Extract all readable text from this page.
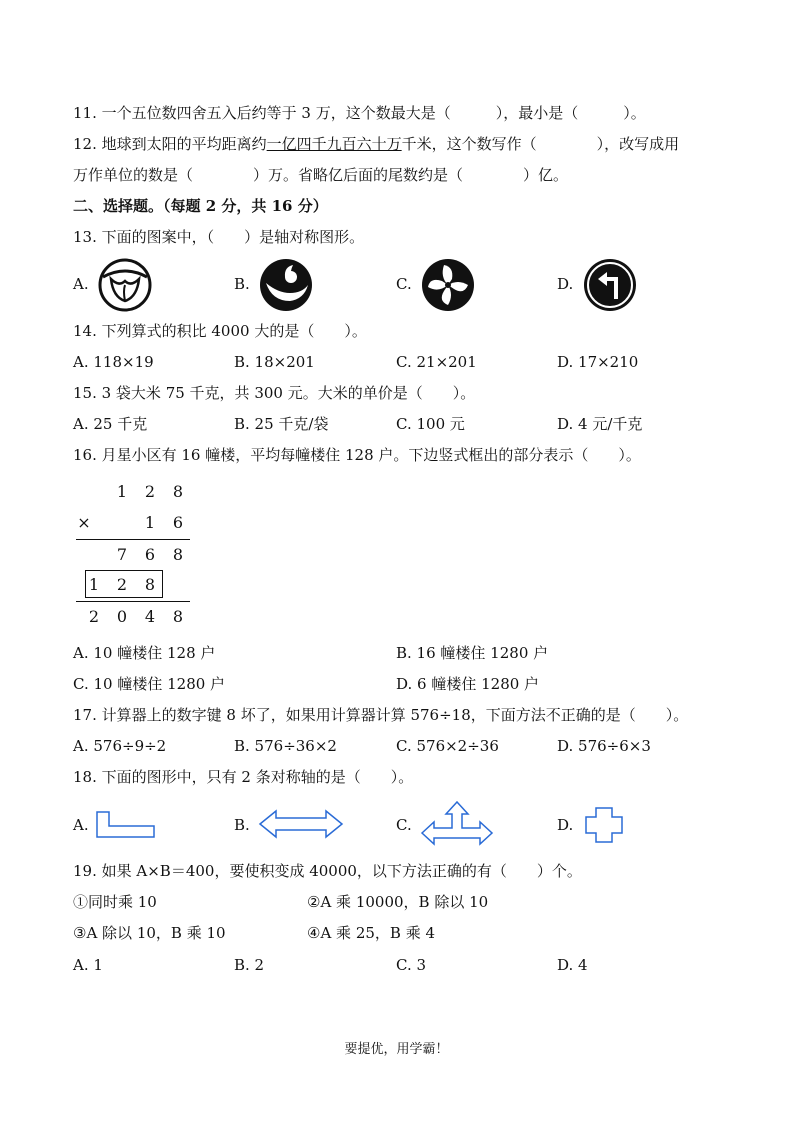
11. 一个五位数四舍五入后约等于 3 万，这个数最大是（　　　），最小是（　　　）。
12. 地球到太阳的平均距离约一亿四千九百六十万千米，这个数写作（　　　　），改写成用
万作单位的数是（　　　　）万。省略亿后面的尾数约是（　　　　）亿。
二、选择题。（每题 2 分，共 16 分）
13. 下面的图案中，（　　）是轴对称图形。
A.	B.	C.	D.
14. 下列算式的积比 4000 大的是（　　）。
A. 118×19	B. 18×201	C. 21×201	D. 17×210
15. 3 袋大米 75 千克，共 300 元。大米的单价是（　　）。
A. 25 千克	B. 25 千克/袋	C. 100 元	D. 4 元/千克
16. 月星小区有 16 幢楼，平均每幢楼住 128 户。下边竖式框出的部分表示（　　）。
1	2	8
×	1	6
7	6	8
1	2	8
2	0	4	8
A. 10 幢楼住 128 户	B. 16 幢楼住 1280 户
C. 10 幢楼住 1280 户	D. 6 幢楼住 1280 户
17. 计算器上的数字键 8 坏了，如果用计算器计算 576÷18，下面方法不正确的是（　　）。
A. 576÷9÷2	B. 576÷36×2	C. 576×2÷36	D. 576÷6×3
18. 下面的图形中，只有 2 条对称轴的是（　　）。
A.	B.	C.	D.
19. 如果 A×B＝400，要使积变成 40000，以下方法正确的有（　　）个。
①同时乘 10	②A 乘 10000，B 除以 10
③A 除以 10，B 乘 10	④A 乘 25，B 乘 4
A. 1	B. 2	C. 3	D. 4
要提优，用学霸！
